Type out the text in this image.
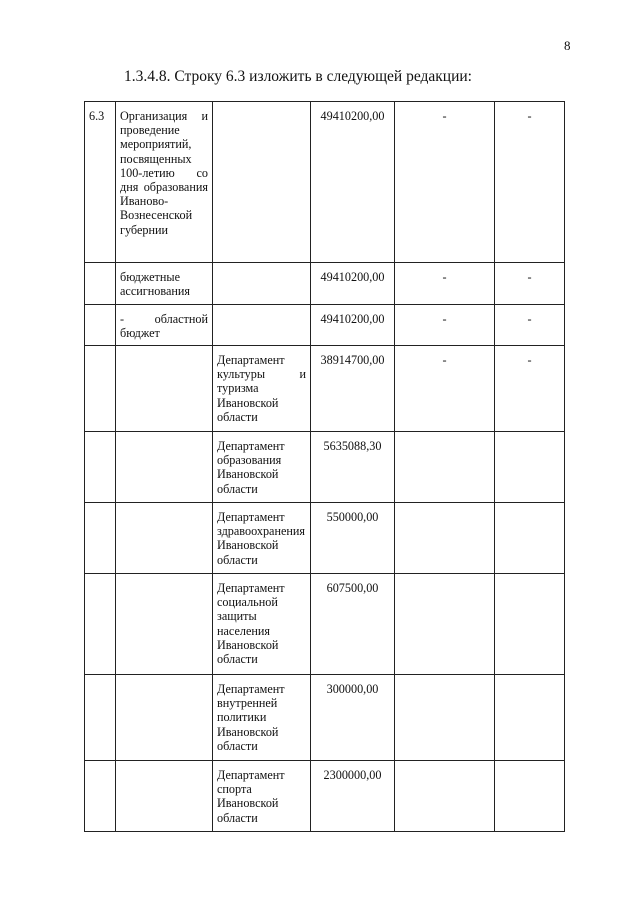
8
1.3.4.8. Строку 6.3 изложить в следующей редакции:
6.3	Организация и проведение мероприятий, посвященных 100-летию со дня образования Иваново-Вознесенской губернии		49410200,00	-	-

	бюджетные ассигнования		49410200,00	-	-

	- областной бюджет		49410200,00	-	-

		Департамент культуры и туризма Ивановской области	38914700,00	-	-

		Департамент образования Ивановской области	5635088,30		

		Департамент здравоохранения Ивановской области	550000,00		

		Департамент социальной защиты населения Ивановской области	607500,00		

		Департамент внутренней политики Ивановской области	300000,00		

		Департамент спорта Ивановской области	2300000,00		
